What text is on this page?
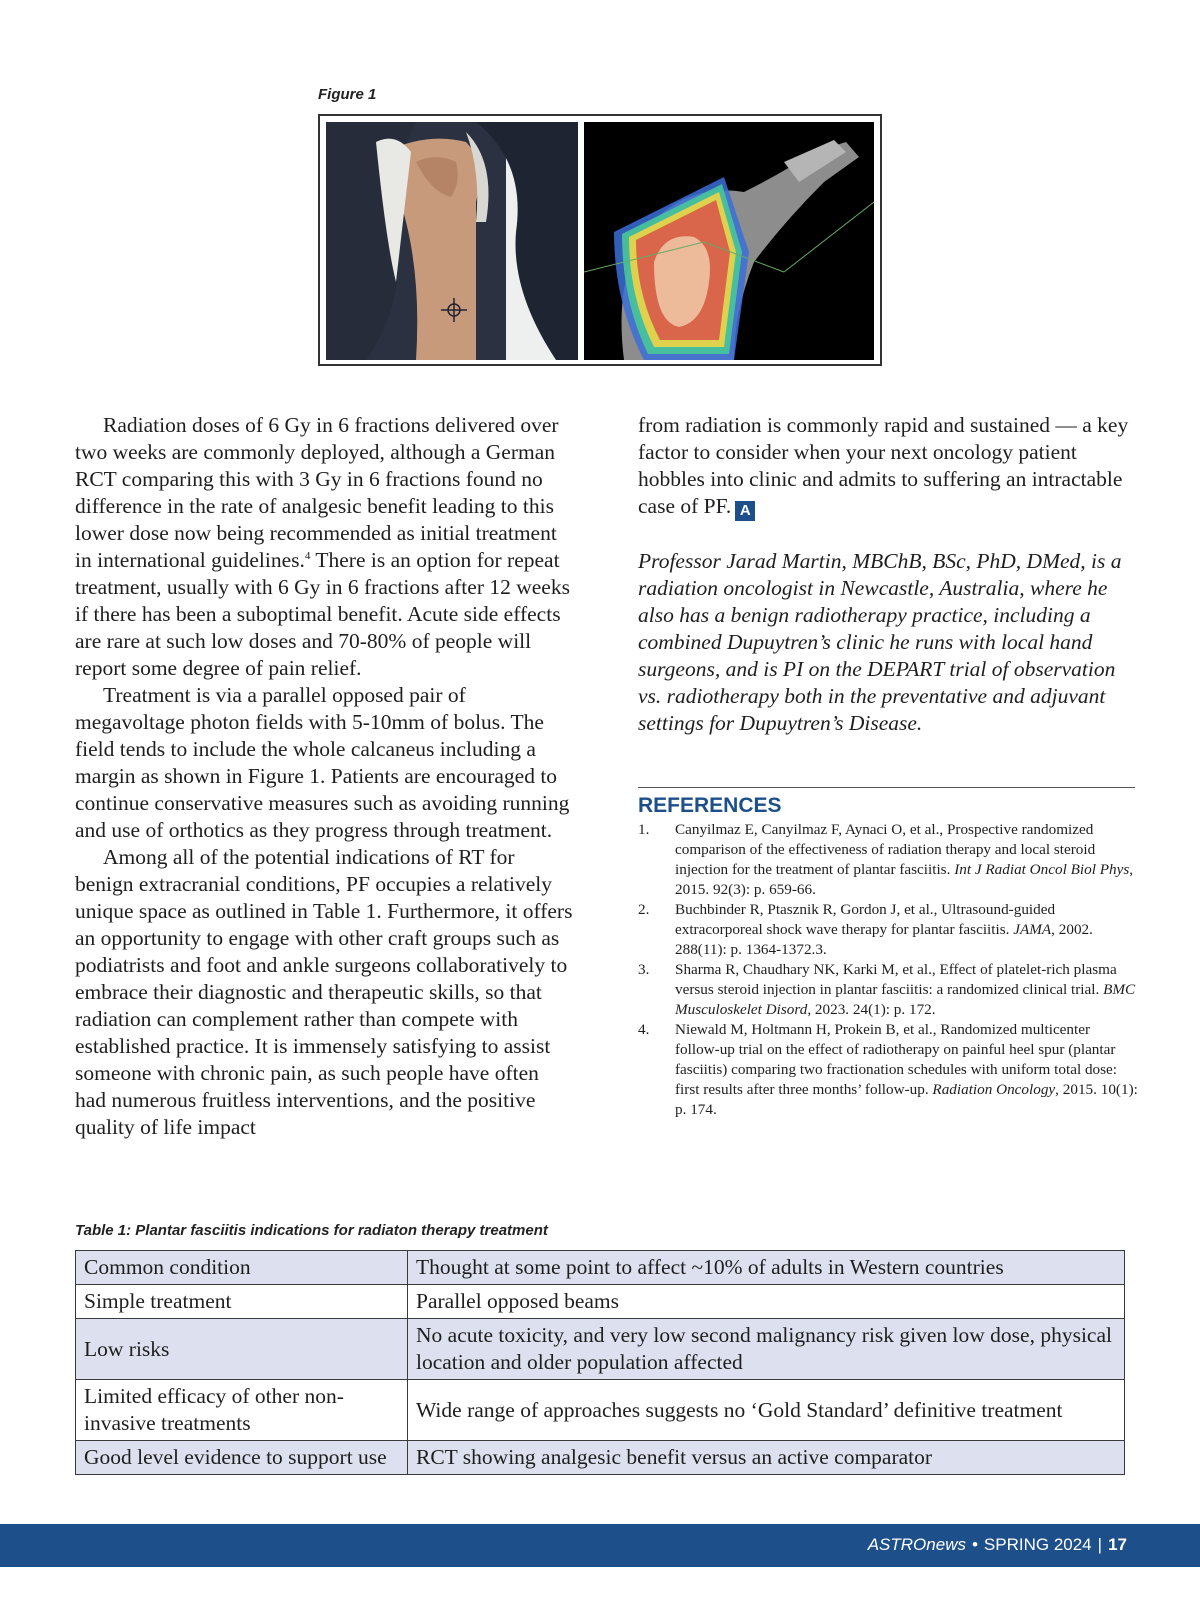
Figure 1

Radiation doses of 6 Gy in 6 fractions delivered over two weeks are commonly deployed, although a German RCT comparing this with 3 Gy in 6 fractions found no difference in the rate of analgesic benefit leading to this lower dose now being recommended as initial treatment in international guidelines.$^4$ There is an option for repeat treatment, usually with 6 Gy in 6 fractions after 12 weeks if there has been a suboptimal benefit. Acute side effects are rare at such low doses and 70-80% of people will report some degree of pain relief.

Treatment is via a parallel opposed pair of megavoltage photon fields with 5-10mm of bolus. The field tends to include the whole calcaneus including a margin as shown in Figure 1. Patients are encouraged to continue conservative measures such as avoiding running and use of orthotics as they progress through treatment.

Among all of the potential indications of RT for benign extracranial conditions, PF occupies a relatively unique space as outlined in Table 1. Furthermore, it offers an opportunity to engage with other craft groups such as podiatrists and foot and ankle surgeons collaboratively to embrace their diagnostic and therapeutic skills, so that radiation can complement rather than compete with established practice. It is immensely satisfying to assist someone with chronic pain, as such people have often had numerous fruitless interventions, and the positive quality of life impact

from radiation is commonly rapid and sustained — a key factor to consider when your next oncology patient hobbles into clinic and admits to suffering an intractable case of PF. A

Professor Jarad Martin, MBChB, BSc, PhD, DMed, is a radiation oncologist in Newcastle, Australia, where he also has a benign radiotherapy practice, including a combined Dupuytren’s clinic he runs with local hand surgeons, and is PI on the DEPART trial of observation vs. radiotherapy both in the preventative and adjuvant settings for Dupuytren’s Disease.

REFERENCES
1. Canyilmaz E, Canyilmaz F, Aynaci O, et al., Prospective randomized comparison of the effectiveness of radiation therapy and local steroid injection for the treatment of plantar fasciitis. Int J Radiat Oncol Biol Phys, 2015. 92(3): p. 659-66.
2. Buchbinder R, Ptasznik R, Gordon J, et al., Ultrasound-guided extracorporeal shock wave therapy for plantar fasciitis. JAMA, 2002. 288(11): p. 1364-1372.3.
3. Sharma R, Chaudhary NK, Karki M, et al., Effect of platelet-rich plasma versus steroid injection in plantar fasciitis: a randomized clinical trial. BMC Musculoskelet Disord, 2023. 24(1): p. 172.
4. Niewald M, Holtmann H, Prokein B, et al., Randomized multicenter follow-up trial on the effect of radiotherapy on painful heel spur (plantar fasciitis) comparing two fractionation schedules with uniform total dose: first results after three months’ follow-up. Radiation Oncology, 2015. 10(1): p. 174.
Table 1: Plantar fasciitis indications for radiaton therapy treatment
Common condition	Thought at some point to affect ~10% of adults in Western countries
Simple treatment	Parallel opposed beams
Low risks	No acute toxicity, and very low second malignancy risk given low dose, physical location and older population affected
Limited efficacy of other non-invasive treatments	Wide range of approaches suggests no ‘Gold Standard’ definitive treatment
Good level evidence to support use	RCT showing analgesic benefit versus an active comparator
ASTROnews • SPRING 2024 | 17
